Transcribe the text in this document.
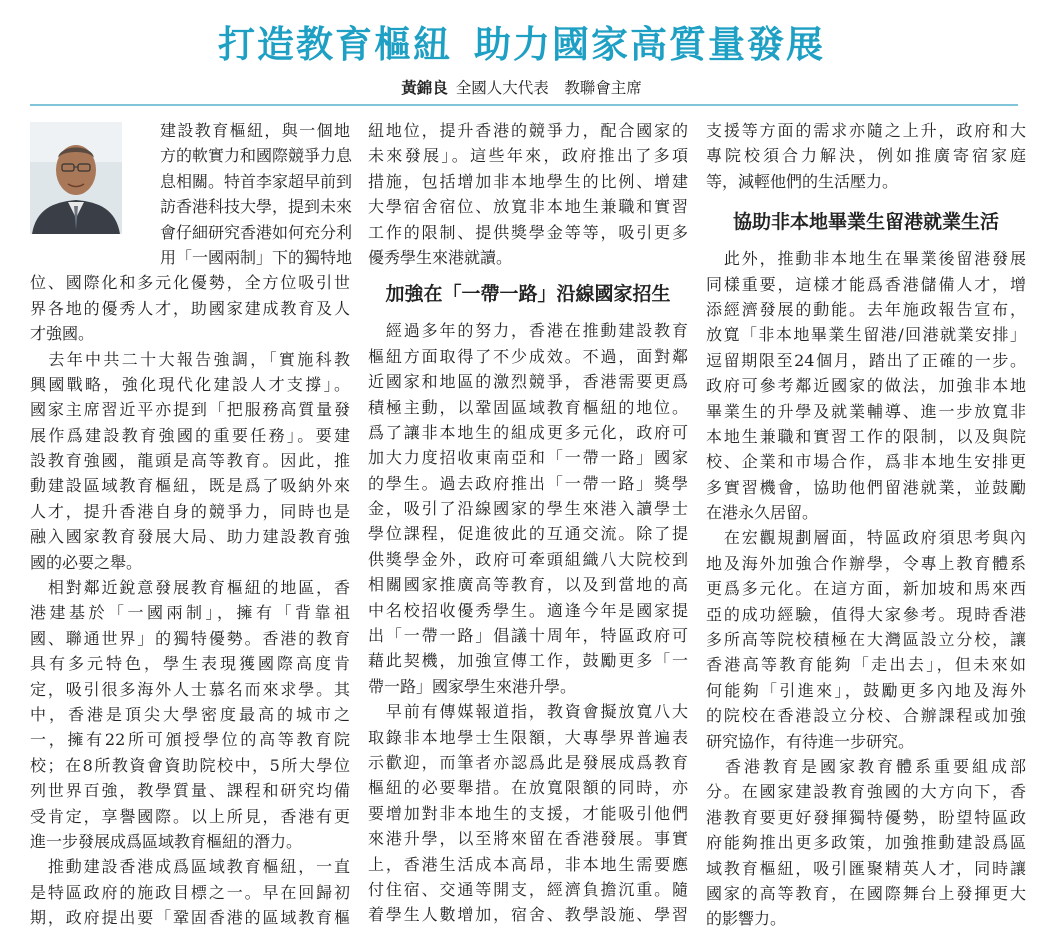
打造教育樞紐 助力國家高質量發展
黃錦良 全國人大代表　教聯會主席
建設教育樞紐，與一個地
方的軟實力和國際競爭力息
息相關。特首李家超早前到
訪香港科技大學，提到未來
會仔細研究香港如何充分利
用「一國兩制」下的獨特地
位、國際化和多元化優勢，全方位吸引世
界各地的優秀人才，助國家建成教育及人
才強國。
　去年中共二十大報告強調，「實施科教
興國戰略，強化現代化建設人才支撐」。
國家主席習近平亦提到「把服務高質量發
展作爲建設教育強國的重要任務」。要建
設教育強國，龍頭是高等教育。因此，推
動建設區域教育樞紐，既是爲了吸納外來
人才，提升香港自身的競爭力，同時也是
融入國家教育發展大局、助力建設教育強
國的必要之舉。
　相對鄰近銳意發展教育樞紐的地區，香
港建基於「一國兩制」，擁有「背靠祖
國、聯通世界」的獨特優勢。香港的教育
具有多元特色，學生表現獲國際高度肯
定，吸引很多海外人士慕名而來求學。其
中，香港是頂尖大學密度最高的城市之
一，擁有22所可頒授學位的高等教育院
校；在8所教資會資助院校中，5所大學位
列世界百強，教學質量、課程和研究均備
受肯定，享譽國際。以上所見，香港有更
進一步發展成爲區域教育樞紐的潛力。
　推動建設香港成爲區域教育樞紐，一直
是特區政府的施政目標之一。早在回歸初
期，政府提出要「鞏固香港的區域教育樞
紐地位，提升香港的競爭力，配合國家的
未來發展」。這些年來，政府推出了多項
措施，包括增加非本地學生的比例、增建
大學宿舍宿位、放寬非本地生兼職和實習
工作的限制、提供獎學金等等，吸引更多
優秀學生來港就讀。
加強在「一帶一路」沿線國家招生
　經過多年的努力，香港在推動建設教育
樞紐方面取得了不少成效。不過，面對鄰
近國家和地區的激烈競爭，香港需要更爲
積極主動，以鞏固區域教育樞紐的地位。
爲了讓非本地生的組成更多元化，政府可
加大力度招收東南亞和「一帶一路」國家
的學生。過去政府推出「一帶一路」獎學
金，吸引了沿線國家的學生來港入讀學士
學位課程，促進彼此的互通交流。除了提
供獎學金外，政府可牽頭組織八大院校到
相關國家推廣高等教育，以及到當地的高
中名校招收優秀學生。適逢今年是國家提
出「一帶一路」倡議十周年，特區政府可
藉此契機，加強宣傳工作，鼓勵更多「一
帶一路」國家學生來港升學。
　早前有傳媒報道指，教資會擬放寬八大
取錄非本地學士生限額，大專學界普遍表
示歡迎，而筆者亦認爲此是發展成爲教育
樞紐的必要舉措。在放寬限額的同時，亦
要增加對非本地生的支援，才能吸引他們
來港升學，以至將來留在香港發展。事實
上，香港生活成本高昂，非本地生需要應
付住宿、交通等開支，經濟負擔沉重。隨
着學生人數增加，宿舍、教學設施、學習
支援等方面的需求亦隨之上升，政府和大
專院校須合力解決，例如推廣寄宿家庭
等，減輕他們的生活壓力。
協助非本地畢業生留港就業生活
　此外，推動非本地生在畢業後留港發展
同樣重要，這樣才能爲香港儲備人才，增
添經濟發展的動能。去年施政報告宣布，
放寬「非本地畢業生留港/回港就業安排」
逗留期限至24個月，踏出了正確的一步。
政府可參考鄰近國家的做法，加強非本地
畢業生的升學及就業輔導、進一步放寬非
本地生兼職和實習工作的限制，以及與院
校、企業和市場合作，爲非本地生安排更
多實習機會，協助他們留港就業，並鼓勵
在港永久居留。
　在宏觀規劃層面，特區政府須思考與內
地及海外加強合作辦學，令專上教育體系
更爲多元化。在這方面，新加坡和馬來西
亞的成功經驗，值得大家參考。現時香港
多所高等院校積極在大灣區設立分校，讓
香港高等教育能夠「走出去」，但未來如
何能夠「引進來」，鼓勵更多內地及海外
的院校在香港設立分校、合辦課程或加強
研究協作，有待進一步研究。
　香港教育是國家教育體系重要組成部
分。在國家建設教育強國的大方向下，香
港教育要更好發揮獨特優勢，盼望特區政
府能夠推出更多政策，加強推動建設爲區
域教育樞紐，吸引匯聚精英人才，同時讓
國家的高等教育，在國際舞台上發揮更大
的影響力。
